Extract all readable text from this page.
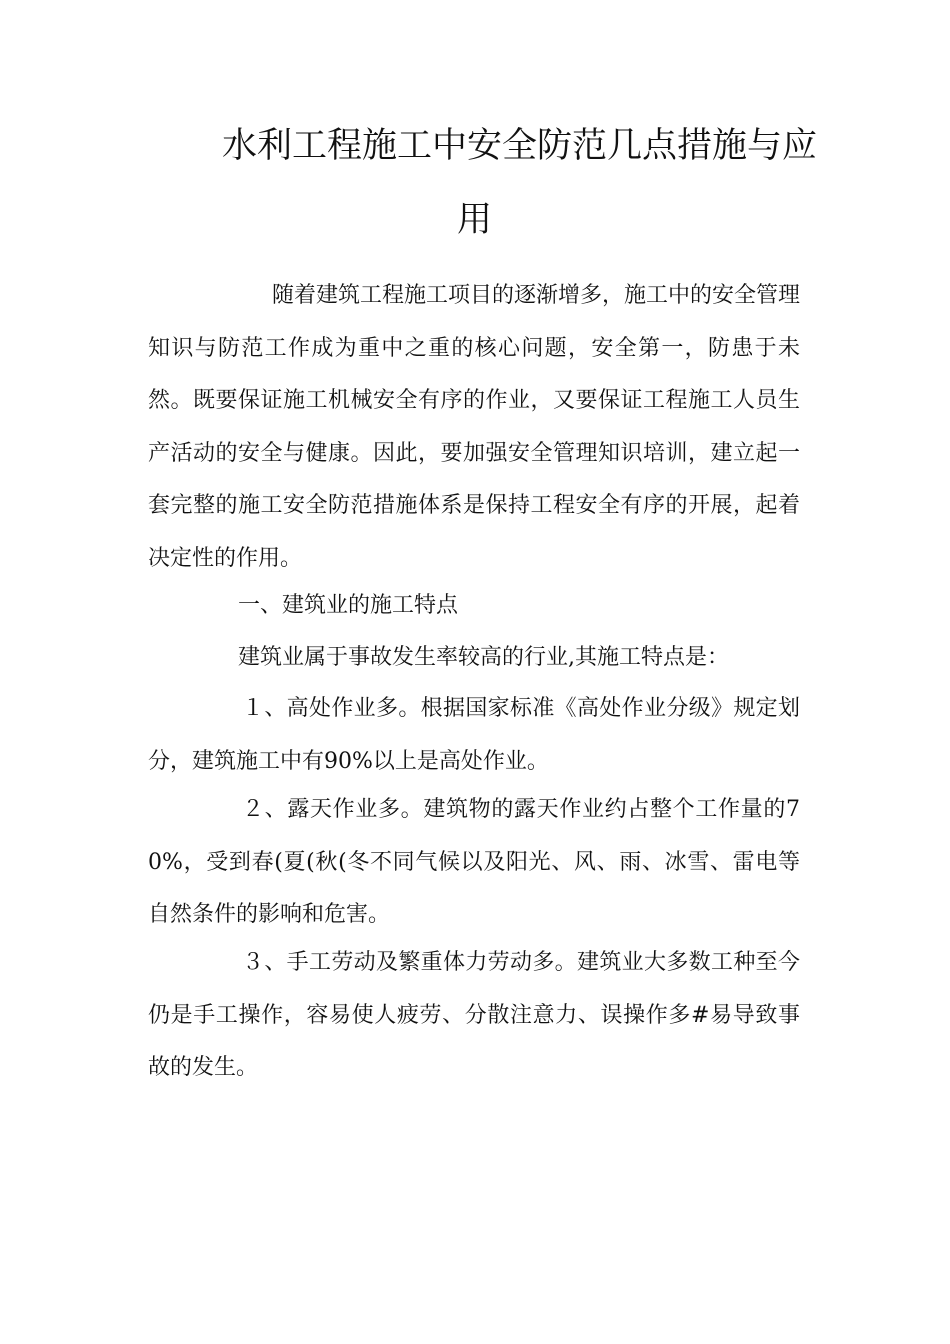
水利工程施工中安全防范几点措施与应
用
随着建筑工程施工项目的逐渐增多，施工中的安全管理知识与防范工作成为重中之重的核心问题，安全第一，防患于未然。既要保证施工机械安全有序的作业，又要保证工程施工人员生产活动的安全与健康。因此，要加强安全管理知识培训，建立起一套完整的施工安全防范措施体系是保持工程安全有序的开展，起着决定性的作用。
一、建筑业的施工特点
建筑业属于事故发生率较高的行业,其施工特点是：
１、高处作业多。根据国家标准《高处作业分级》规定划分，建筑施工中有90%以上是高处作业。
２、露天作业多。建筑物的露天作业约占整个工作量的70%，受到春(夏(秋(冬不同气候以及阳光、风、雨、冰雪、雷电等自然条件的影响和危害。
３、手工劳动及繁重体力劳动多。建筑业大多数工种至今仍是手工操作，容易使人疲劳、分散注意力、误操作多#易导致事故的发生。
